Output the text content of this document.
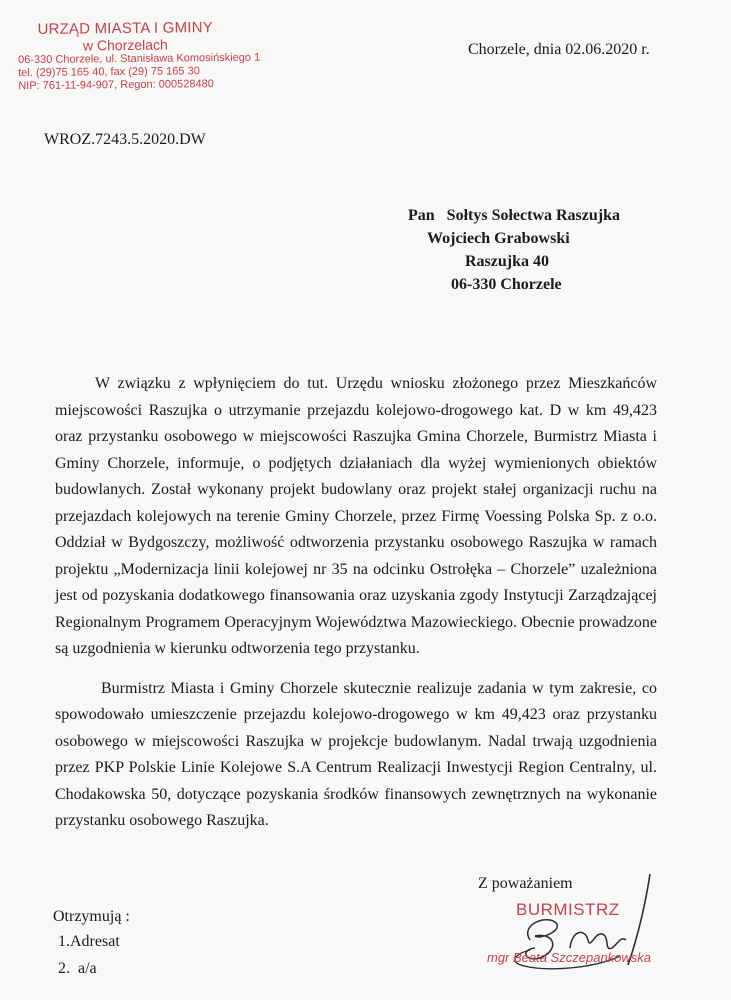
URZĄD MIASTA I GMINY
w Chorzelach
06-330 Chorzele, ul. Stanisława Komosińskiego 1
tel. (29)75 165 40, fax (29) 75 165 30
NIP: 761-11-94-907, Regon: 000528480
Chorzele, dnia 02.06.2020 r.
WROZ.7243.5.2020.DW
Pan   Sołtys Sołectwa Raszujka
Wojciech Grabowski
Raszujka 40
06-330 Chorzele

W związku z wpłynięciem do tut. Urzędu wniosku złożonego przez Mieszkańców miejscowości Raszujka o utrzymanie przejazdu kolejowo-drogowego kat. D w km 49,423 oraz przystanku osobowego w miejscowości Raszujka Gmina Chorzele, Burmistrz Miasta i Gminy Chorzele, informuje, o podjętych działaniach dla wyżej wymienionych obiektów budowlanych. Został wykonany projekt budowlany oraz projekt stałej organizacji ruchu na przejazdach kolejowych na terenie Gminy Chorzele, przez Firmę Voessing Polska Sp. z o.o. Oddział w Bydgoszczy, możliwość odtworzenia przystanku osobowego Raszujka w ramach projektu „Modernizacja linii kolejowej nr 35 na odcinku Ostrołęka – Chorzele” uzależniona jest od pozyskania dodatkowego finansowania oraz uzyskania zgody Instytucji Zarządzającej Regionalnym Programem Operacyjnym Województwa Mazowieckiego. Obecnie prowadzone są uzgodnienia w kierunku odtworzenia tego przystanku.

Burmistrz Miasta i Gminy Chorzele skutecznie realizuje zadania w tym zakresie, co spowodowało umieszczenie przejazdu kolejowo-drogowego w km 49,423 oraz przystanku osobowego w miejscowości Raszujka w projekcje budowlanym. Nadal trwają uzgodnienia przez PKP Polskie Linie Kolejowe S.A Centrum Realizacji Inwestycji Region Centralny, ul. Chodakowska 50, dotyczące pozyskania środków finansowych zewnętrznych na wykonanie przystanku osobowego Raszujka.

Z poważaniem
BURMISTRZ
mgr Beata Szczepankowska
Otrzymują :
1.Adresat
2.  a/a
